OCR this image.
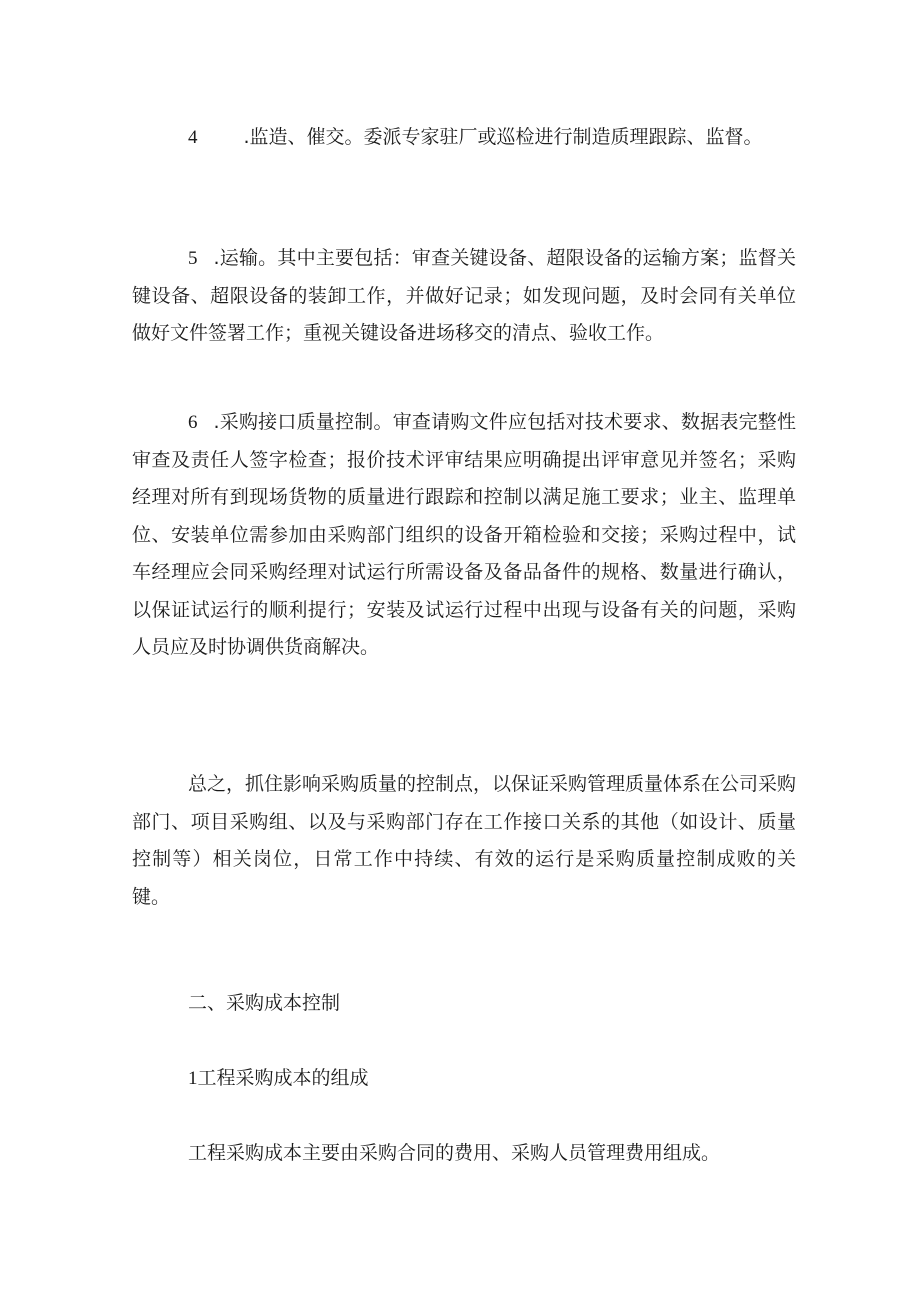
4 .监造、催交。委派专家驻厂或巡检进行制造质理跟踪、监督。

5 .运输。其中主要包括：审查关键设备、超限设备的运输方案；监督关键设备、超限设备的装卸工作，并做好记录；如发现问题，及时会同有关单位做好文件签署工作；重视关键设备进场移交的清点、验收工作。

6 .采购接口质量控制。审查请购文件应包括对技术要求、数据表完整性审查及责任人签字检查；报价技术评审结果应明确提出评审意见并签名；采购经理对所有到现场货物的质量进行跟踪和控制以满足施工要求；业主、监理单位、安装单位需参加由采购部门组织的设备开箱检验和交接；采购过程中，试车经理应会同采购经理对试运行所需设备及备品备件的规格、数量进行确认，以保证试运行的顺利提行；安装及试运行过程中出现与设备有关的问题，采购人员应及时协调供货商解决。

总之，抓住影响采购质量的控制点，以保证采购管理质量体系在公司采购部门、项目采购组、以及与采购部门存在工作接口关系的其他（如设计、质量控制等）相关岗位，日常工作中持续、有效的运行是采购质量控制成败的关键。

二、采购成本控制

1工程采购成本的组成

工程采购成本主要由采购合同的费用、采购人员管理费用组成。
